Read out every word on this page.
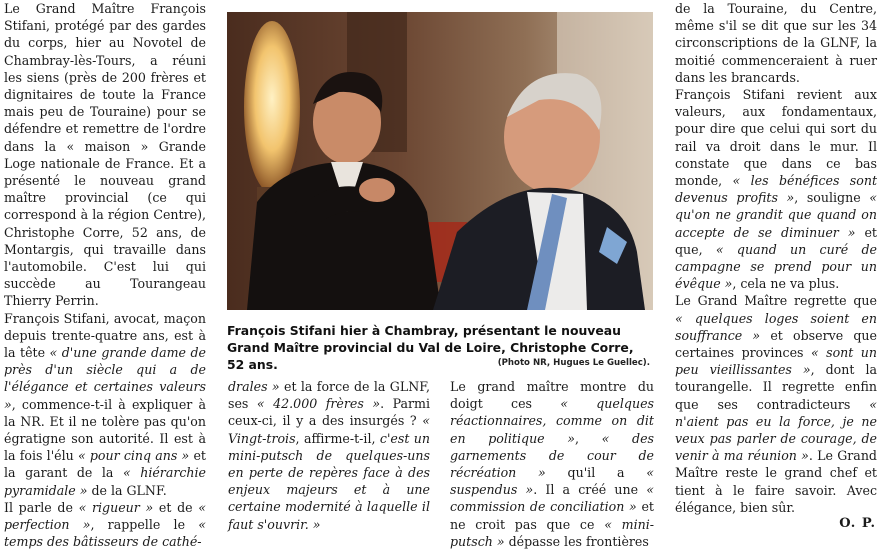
Le Grand Maître François Stifani, protégé par des gardes du corps, hier au Novotel de Chambray-lès-Tours, a réuni les siens (près de 200 frères et dignitaires de toute la France mais peu de Touraine) pour se défendre et remettre de l'ordre dans la « maison » Grande Loge nationale de France. Et a présenté le nouveau grand maître provincial (ce qui correspond à la région Centre), Christophe Corre, 52 ans, de Montargis, qui travaille dans l'automobile. C'est lui qui succède au Tourangeau Thierry Perrin.

François Stifani, avocat, maçon depuis trente-quatre ans, est à la tête « d'une grande dame de près d'un siècle qui a de l'élégance et certaines valeurs », commence-t-il à expliquer à la NR. Et il ne tolère pas qu'on égratigne son autorité. Il est à la fois l'élu « pour cinq ans » et la garant de la « hiérarchie pyramidale » de la GLNF.

Il parle de « rigueur » et de « perfection », rappelle le « temps des bâtisseurs de cathé-

François Stifani hier à Chambray, présentant le nouveau Grand Maître provincial du Val de Loire, Christophe Corre, 52 ans.	(Photo NR, Hugues Le Guellec).

drales » et la force de la GLNF, ses « 42.000 frères ». Parmi ceux-ci, il y a des insurgés ? « Vingt-trois, affirme-t-il, c'est un mini-putsch de quelques-uns en perte de repères face à des enjeux majeurs et à une certaine modernité à laquelle il faut s'ouvrir. »

Le grand maître montre du doigt ces « quelques réactionnaires, comme on dit en politique », « des garnements de cour de récréation » qu'il a « suspendus ». Il a créé une « commission de conciliation » et ne croit pas que ce « mini-putsch » dépasse les frontières

de la Touraine, du Centre, même s'il se dit que sur les 34 circonscriptions de la GLNF, la moitié commenceraient à ruer dans les brancards.

François Stifani revient aux valeurs, aux fondamentaux, pour dire que celui qui sort du rail va droit dans le mur. Il constate que dans ce bas monde, « les bénéfices sont devenus profits », souligne « qu'on ne grandit que quand on accepte de se diminuer » et que, « quand un curé de campagne se prend pour un évêque », cela ne va plus.

Le Grand Maître regrette que « quelques loges soient en souffrance » et observe que certaines provinces « sont un peu vieillissantes », dont la tourangelle. Il regrette enfin que ses contradicteurs « n'aient pas eu la force, je ne veux pas parler de courage, de venir à ma réunion ». Le Grand Maître reste le grand chef et tient à le faire savoir. Avec élégance, bien sûr.

O. P.
